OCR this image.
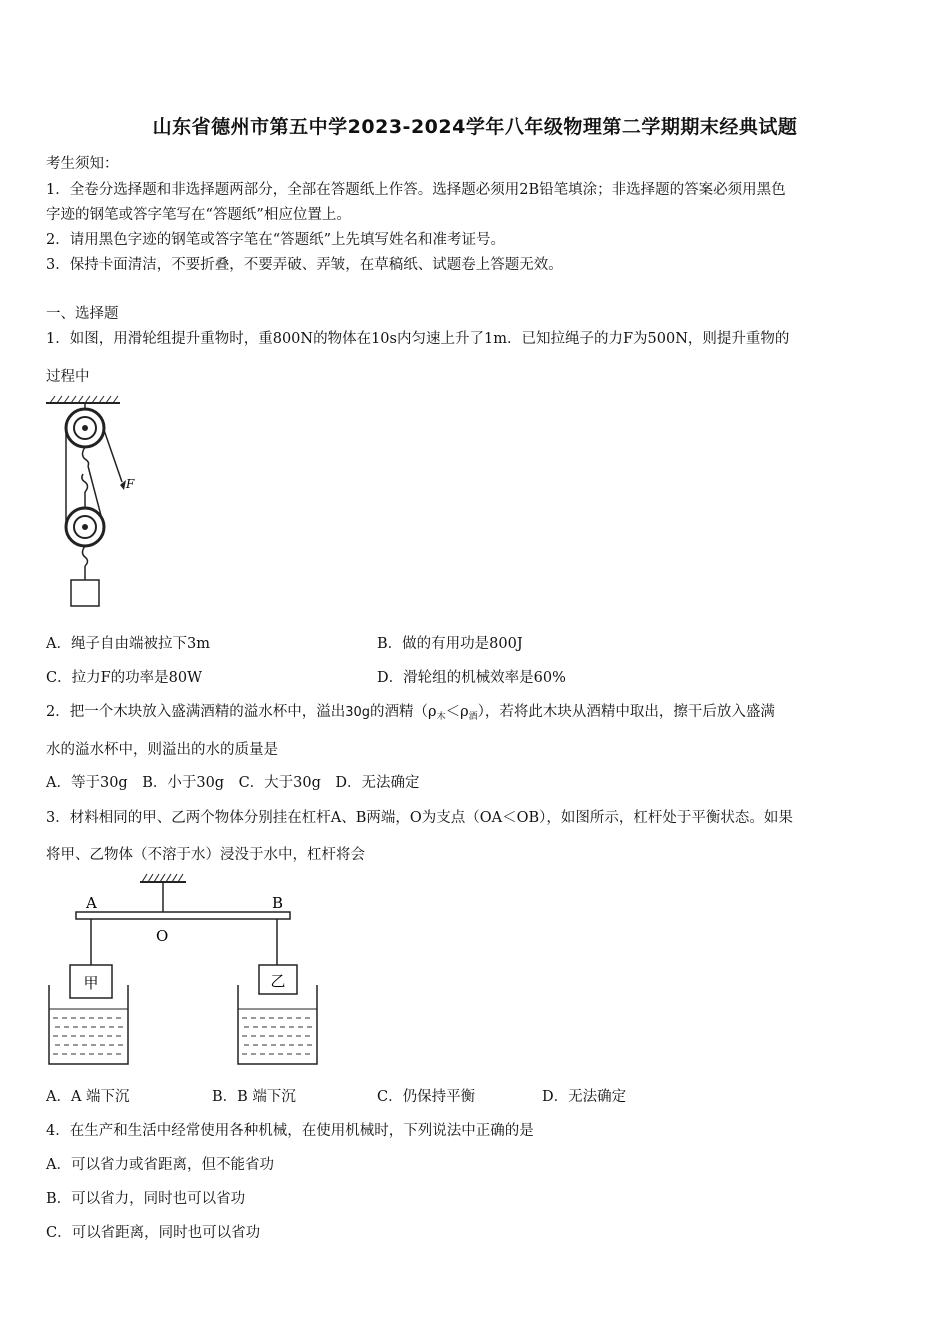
山东省德州市第五中学2023-2024学年八年级物理第二学期期末经典试题
考生须知：
1．全卷分选择题和非选择题两部分，全部在答题纸上作答。选择题必须用2B铅笔填涂；非选择题的答案必须用黑色
字迹的钢笔或答字笔写在“答题纸”相应位置上。
2．请用黑色字迹的钢笔或答字笔在“答题纸”上先填写姓名和准考证号。
3．保持卡面清洁，不要折叠，不要弄破、弄皱，在草稿纸、试题卷上答题无效。
一、选择题
1．如图，用滑轮组提升重物时，重800N的物体在10s内匀速上升了1m．已知拉绳子的力F为500N，则提升重物的
过程中
F
A．绳子自由端被拉下3m	B．做的有用功是800J
C．拉力F的功率是80W	D．滑轮组的机械效率是60%
2．把一个木块放入盛满酒精的溢水杯中，溢出30g的酒精$(\rho_木<\rho_酒)$，若将此木块从酒精中取出，擦干后放入盛满
水的溢水杯中，则溢出的水的质量是
A．等于30g　B．小于30g　C．大于30g　D．无法确定
3．材料相同的甲、乙两个物体分别挂在杠杆A、B两端，O为支点（OA＜OB），如图所示，杠杆处于平衡状态。如果
将甲、乙物体（不溶于水）浸没于水中，杠杆将会
A	B
O
甲	乙
A．A 端下沉	B．B 端下沉	C．仍保持平衡	D．无法确定
4．在生产和生活中经常使用各种机械，在使用机械时，下列说法中正确的是
A．可以省力或省距离，但不能省功
B．可以省力，同时也可以省功
C．可以省距离，同时也可以省功
